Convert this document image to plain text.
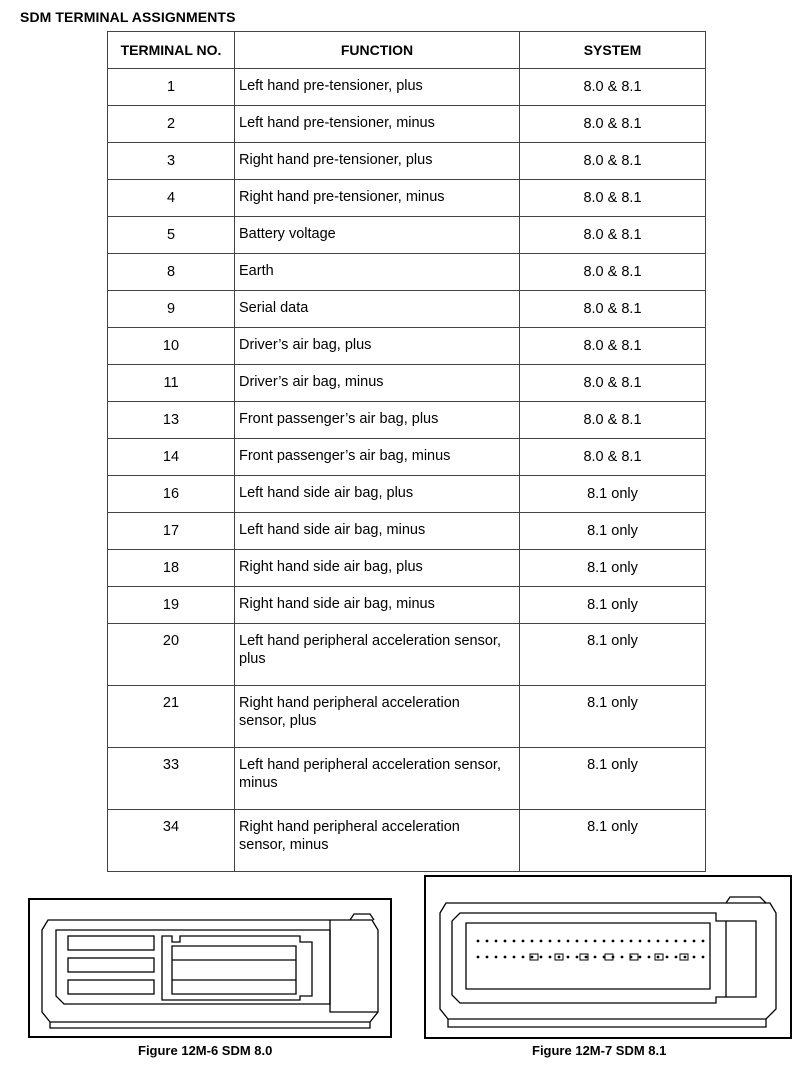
SDM TERMINAL ASSIGNMENTS
TERMINAL NO.	FUNCTION	SYSTEM
1	Left hand pre-tensioner, plus	8.0 & 8.1
2	Left hand pre-tensioner, minus	8.0 & 8.1
3	Right hand pre-tensioner, plus	8.0 & 8.1
4	Right hand pre-tensioner, minus	8.0 & 8.1
5	Battery voltage	8.0 & 8.1
8	Earth	8.0 & 8.1
9	Serial data	8.0 & 8.1
10	Driver’s air bag, plus	8.0 & 8.1
11	Driver’s air bag, minus	8.0 & 8.1
13	Front passenger’s air bag, plus	8.0 & 8.1
14	Front passenger’s air bag, minus	8.0 & 8.1
16	Left hand side air bag, plus	8.1 only
17	Left hand side air bag, minus	8.1 only
18	Right hand side air bag, plus	8.1 only
19	Right hand side air bag, minus	8.1 only
20	Left hand peripheral acceleration sensor, plus	8.1 only
21	Right hand peripheral acceleration sensor, plus	8.1 only
33	Left hand peripheral acceleration sensor, minus	8.1 only
34	Right hand peripheral acceleration sensor, minus	8.1 only
Figure 12M-6 SDM 8.0	Figure 12M-7 SDM 8.1
